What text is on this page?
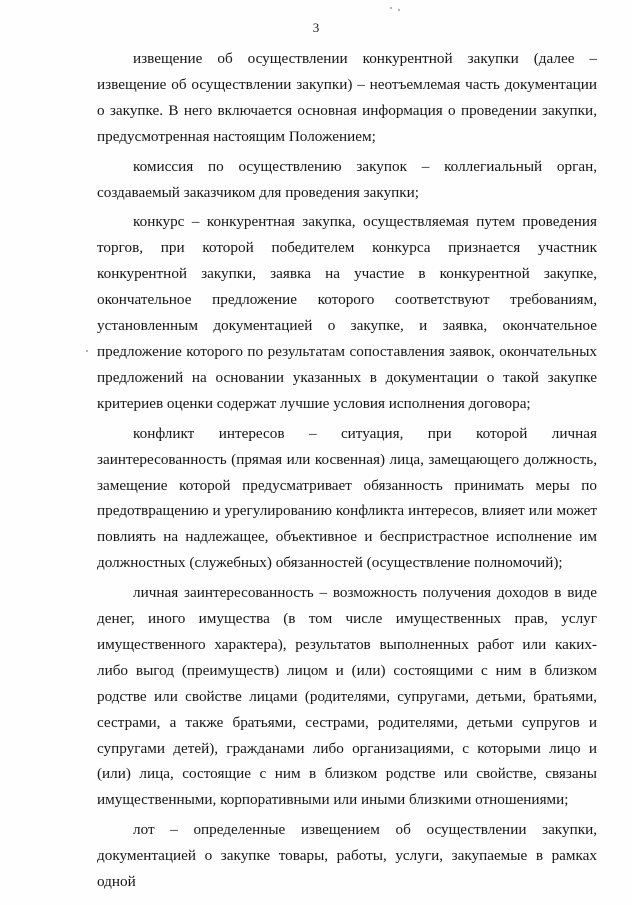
3

извещение об осуществлении конкурентной закупки (далее – извещение об осуществлении закупки) – неотъемлемая часть документации о закупке. В него включается основная информация о проведении закупки, предусмотренная настоящим Положением;

комиссия по осуществлению закупок – коллегиальный орган, создаваемый заказчиком для проведения закупки;

конкурс – конкурентная закупка, осуществляемая путем проведения торгов, при которой победителем конкурса признается участник конкурентной закупки, заявка на участие в конкурентной закупке, окончательное предложение которого соответствуют требованиям, установленным документацией о закупке, и заявка, окончательное предложение которого по результатам сопоставления заявок, окончательных предложений на основании указанных в документации о такой закупке критериев оценки содержат лучшие условия исполнения договора;

конфликт интересов – ситуация, при которой личная заинтересованность (прямая или косвенная) лица, замещающего должность, замещение которой предусматривает обязанность принимать меры по предотвращению и урегулированию конфликта интересов, влияет или может повлиять на надлежащее, объективное и беспристрастное исполнение им должностных (служебных) обязанностей (осуществление полномочий);

личная заинтересованность – возможность получения доходов в виде денег, иного имущества (в том числе имущественных прав, услуг имущественного характера), результатов выполненных работ или каких-либо выгод (преимуществ) лицом и (или) состоящими с ним в близком родстве или свойстве лицами (родителями, супругами, детьми, братьями, сестрами, а также братьями, сестрами, родителями, детьми супругов и супругами детей), гражданами либо организациями, с которыми лицо и (или) лица, состоящие с ним в близком родстве или свойстве, связаны имущественными, корпоративными или иными близкими отношениями;

лот – определенные извещением об осуществлении закупки, документацией о закупке товары, работы, услуги, закупаемые в рамках одной
